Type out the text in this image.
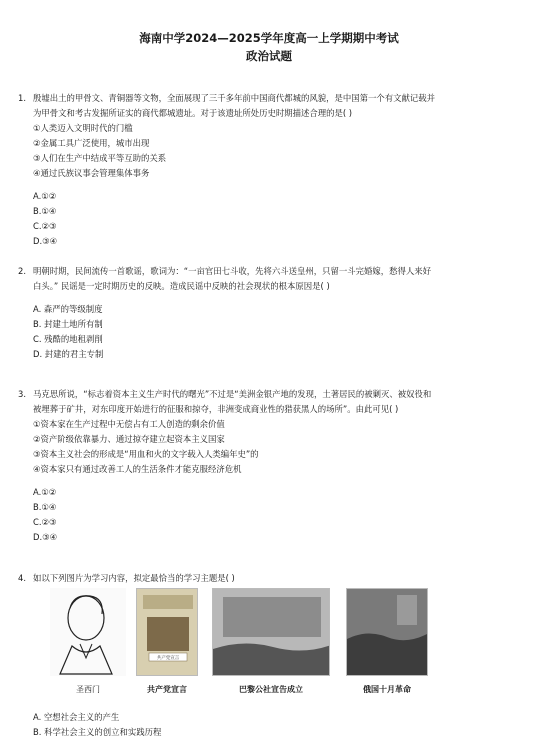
海南中学2024—2025学年度高一上学期期中考试
政治试题
1. 殷墟出土的甲骨文、青铜器等文物，全面展现了三千多年前中国商代都城的风貌，是中国第一个有文献记载并
为甲骨文和考古发掘所证实的商代都城遗址。对于该遗址所处历史时期描述合理的是( )
①人类迈入文明时代的门槛
②金属工具广泛使用，城市出现
③人们在生产中结成平等互助的关系
④通过氏族议事会管理集体事务
A.①②
B.①④
C.②③
D.③④
2. 明朝时期，民间流传一首歌谣，歌词为：“一亩官田七斗收，先将六斗送皇州，只留一斗完婚嫁，愁得人来好
白头。” 民谣是一定时期历史的反映。造成民谣中反映的社会现状的根本原因是( )
A. 森严的等级制度
B. 封建土地所有制
C. 残酷的地租剥削
D. 封建的君主专制
3. 马克思所说，“标志着资本主义生产时代的曙光”不过是“美洲金银产地的发现，土著居民的被剿灭、被奴役和
被埋葬于矿井，对东印度开始进行的征服和掠夺，非洲变成商业性的猎获黑人的场所”。由此可见( )
①资本家在生产过程中无偿占有工人创造的剩余价值
②资产阶级依靠暴力、通过掠夺建立起资本主义国家
③资本主义社会的形成是“用血和火的文字载入人类编年史”的
④资本家只有通过改善工人的生活条件才能克服经济危机
A.①②
B.①④
C.②③
D.③④
4. 如以下列图片为学习内容，拟定最恰当的学习主题是( )
圣西门
共产党宣言
共产党宣言	巴黎公社宣告成立	俄国十月革命
A. 空想社会主义的产生
B. 科学社会主义的创立和实践历程
